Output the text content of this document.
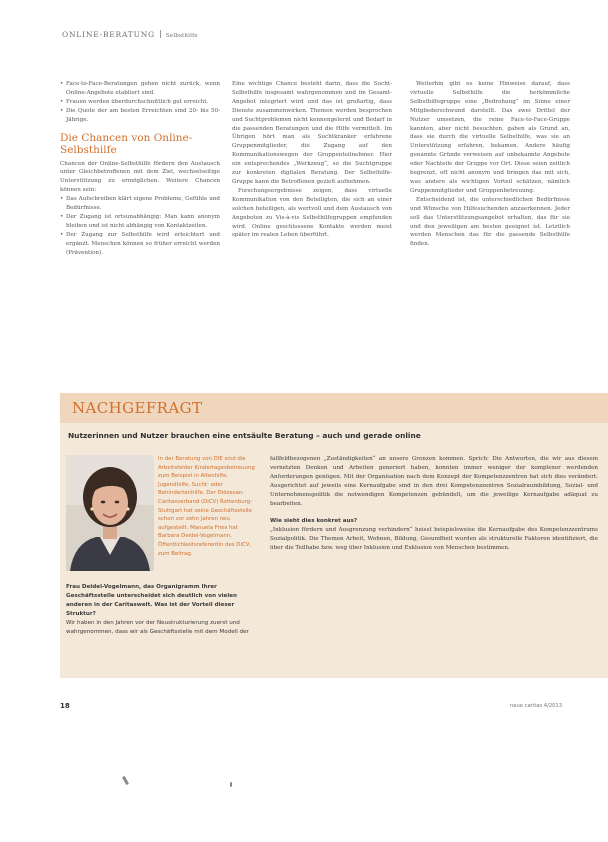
ONLINE-BERATUNG Selbsthilfe
• Face-to-Face-Beratungen gehen nicht zurück, wenn Online-Angebote etabliert sind.
• Frauen werden überdurchschnittlich gut erreicht.
• Die Quote der am besten Erreichten sind 20- bis 50-Jährige.
Die Chancen von Online-Selbsthilfe

Chancen der Online-Selbsthilfe fördern den Austausch unter Gleichbetroffenen mit dem Ziel, wechselseitige Unterstützung zu ermöglichen. Weitere Chancen können sein:

• Das Aufschreiben klärt eigene Probleme, Gefühle und Bedürfnisse.
• Der Zugang ist ortsunabhängig: Man kann anonym bleiben und ist nicht abhängig von Kontaktzeiten.
• Der Zugang zur Selbsthilfe wird erleichtert und ergänzt. Menschen können so früher erreicht werden (Prävention).

Eine wichtige Chance besteht darin, dass die Sucht-Selbsthilfe insgesamt wahrgenommen und im Gesamt-Angebot integriert wird und das ist großartig, dass Dienste zusammenwirken. Themen werden besprochen und Suchtproblemen nicht kennengelernt und Bedarf in die passenden Beratungen und die Hilfe vermittelt. Im Übrigen hört man als Suchtkranker erfahrene Gruppenmitglieder, die Zugang auf den Kommunikationswegen der Gruppenteilnehmer. Hier ein entsprechendes „Werkzeug“, so die Suchtgruppe zur konkreten digitalen Beratung. Der Selbsthilfe-Gruppe kann die Betroffenen gezielt aufnehmen.

Forschungsergebnisse zeigen, dass virtuelle Kommunikation von den Beteiligten, die sich an einer solchen beteiligen, als wertvoll und dem Austausch von Angeboten zu Vis-à-vis Selbsthilfegruppen empfunden wird. Online geschlossene Kontakte werden meist später im realen Leben überführt.

Weiterhin gibt es keine Hinweise darauf, dass virtuelle Selbsthilfe die herkömmliche Selbsthilfegruppe eine „Bedrohung“ im Sinne einer Mitgliederschwund darstellt. Das zwei Drittel der Nutzer umsetzen, die reine Face-to-Face-Gruppe kannten, aber nicht besuchten, gaben als Grund an, dass sie durch die virtuelle Selbsthilfe, was sie an Unterstützung erfahren, bekamen. Andere häufig genannte Gründe verweisen auf unbekannte Angebote oder Nachteile der Gruppe vor Ort. Diese seien zeitlich begrenzt, oft nicht anonym und bringen das mit sich, was andere als wichtigen Vorteil schätzen, nämlich Gruppenmitglieder und Gruppenbetreuung.

Entscheidend ist, die unterschiedlichen Bedürfnisse und Wünsche von Hilfesuchenden anzuerkennen. Jeder soll das Unterstützungsangebot erhalten, das für sie und den jeweiligen am besten geeignet ist. Letztlich werden Menschen das für die passende Selbsthilfe finden.

NACHGEFRAGT
Nutzerinnen und Nutzer brauchen eine entsäulte Beratung – auch und gerade online
In der Beratung von DIE sind die Arbeitsfelder Kindertagesbetreuung zum Beispiel in Altenhilfe, Jugendhilfe, Sucht- oder Behindertenhilfe. Der Diözesan-Caritasverband (DiCV) Rottenburg-Stuttgart hat seine Geschäftsstelle schon vor zehn Jahren neu aufgestellt. Manuela Fries hat Barbara Deidel-Vogelmann, Öffentlichkeitsreferentin des DiCV, zum Beitrag.

Frau Deidel-Vogelmann, das Organigramm Ihrer Geschäftsstelle unterscheidet sich deutlich von vielen anderen in der Caritaswelt. Was ist der Vorteil dieser Struktur?

Wir haben in den Jahren vor der Neustrukturierung zuerst und wahrgenommen, dass wir als Geschäftsstelle mit dem Modell der

fallfeldbezogenen „Zuständigkeiten“ an unsere Grenzen kommen. Sprich: Die Antworten, die wir aus diesem vernetzten Denken und Arbeiten generiert haben, konnten immer weniger der komplexer werdenden Anforderungen genügen. Mit der Organisation nach dem Konzept der Kompetenzzentren hat sich dies verändert: Ausgerichtet auf jeweils eine Kernaufgabe sind in den drei Kompetenzzentren Sozialraumbildung, Sozial- und Unternehmenspolitik die notwendigen Kompetenzen gebündelt, um die jeweilige Kernaufgabe adäquat zu bearbeiten.

Wie sieht dies konkret aus?

„Inklusion fördern und Ausgrenzung verhindern“ heisst beispielsweise die Kernaufgabe des Kompetenzzentrums Sozialpolitik. Die Themen Arbeit, Wohnen, Bildung, Gesundheit wurden als strukturelle Faktoren identifiziert, die über die Teilhabe bzw. weg über Inklusion und Exklusion von Menschen bestimmen.

18	neue caritas 4/2013
